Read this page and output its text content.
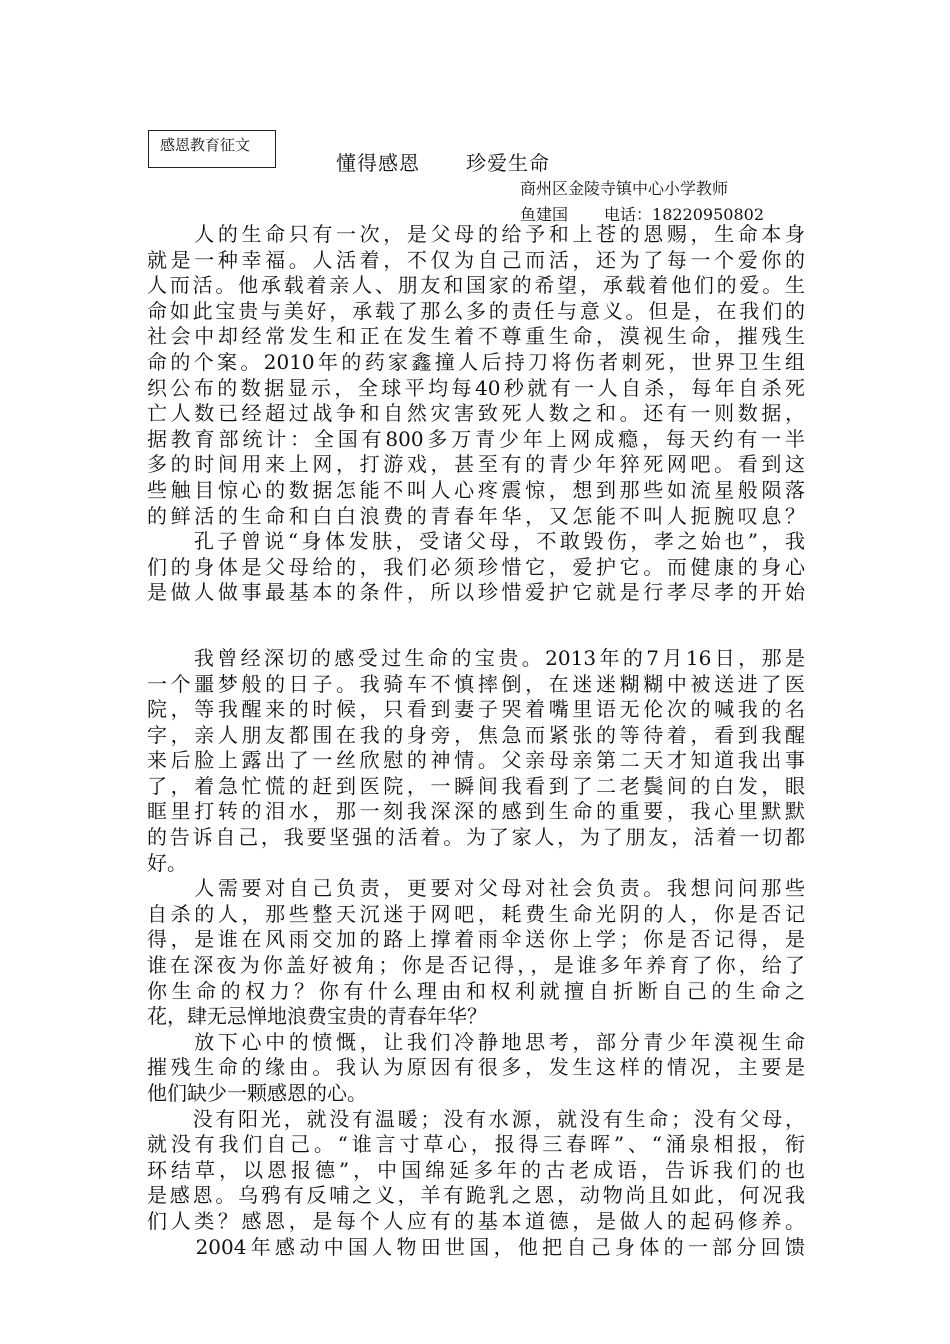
感恩教育征文
懂得感恩 珍爱生命
商州区金陵寺镇中心小学教师
鱼建国 电话：18220950802
　　人的生命只有一次，是父母的给予和上苍的恩赐，生命本身
就是一种幸福。人活着，不仅为自己而活，还为了每一个爱你的
人而活。他承载着亲人、朋友和国家的希望，承载着他们的爱。生
命如此宝贵与美好，承载了那么多的责任与意义。但是，在我们的
社会中却经常发生和正在发生着不尊重生命，漠视生命，摧残生
命的个案。2010年的药家鑫撞人后持刀将伤者刺死，世界卫生组
织公布的数据显示，全球平均每40秒就有一人自杀，每年自杀死
亡人数已经超过战争和自然灾害致死人数之和。还有一则数据，
据教育部统计：全国有800多万青少年上网成瘾，每天约有一半
多的时间用来上网，打游戏，甚至有的青少年猝死网吧。看到这
些触目惊心的数据怎能不叫人心疼震惊，想到那些如流星般陨落
的鲜活的生命和白白浪费的青春年华，又怎能不叫人扼腕叹息？
　　孔子曾说“身体发肤，受诸父母，不敢毁伤，孝之始也”，我
们的身体是父母给的，我们必须珍惜它，爱护它。而健康的身心
是做人做事最基本的条件，所以珍惜爱护它就是行孝尽孝的开始
　　我曾经深切的感受过生命的宝贵。2013年的7月16日，那是
一个噩梦般的日子。我骑车不慎摔倒，在迷迷糊糊中被送进了医
院，等我醒来的时候，只看到妻子哭着嘴里语无伦次的喊我的名
字，亲人朋友都围在我的身旁，焦急而紧张的等待着，看到我醒
来后脸上露出了一丝欣慰的神情。父亲母亲第二天才知道我出事
了，着急忙慌的赶到医院，一瞬间我看到了二老鬓间的白发，眼
眶里打转的泪水，那一刻我深深的感到生命的重要，我心里默默
的告诉自己，我要坚强的活着。为了家人，为了朋友，活着一切都
好。
　　人需要对自己负责，更要对父母对社会负责。我想问问那些
自杀的人，那些整天沉迷于网吧，耗费生命光阴的人，你是否记
得，是谁在风雨交加的路上撑着雨伞送你上学；你是否记得，是
谁在深夜为你盖好被角；你是否记得，，是谁多年养育了你，给了
你生命的权力？你有什么理由和权利就擅自折断自己的生命之
花，肆无忌惮地浪费宝贵的青春年华？
　　放下心中的愤慨，让我们冷静地思考，部分青少年漠视生命
摧残生命的缘由。我认为原因有很多，发生这样的情况，主要是
他们缺少一颗感恩的心。
　　没有阳光，就没有温暖；没有水源，就没有生命；没有父母，
就没有我们自己。“谁言寸草心，报得三春晖”、“涌泉相报，衔
环结草，以恩报德”，中国绵延多年的古老成语，告诉我们的也
是感恩。乌鸦有反哺之义，羊有跪乳之恩，动物尚且如此，何况我
们人类？感恩，是每个人应有的基本道德，是做人的起码修养。
　　2004年感动中国人物田世国，他把自己身体的一部分回馈
